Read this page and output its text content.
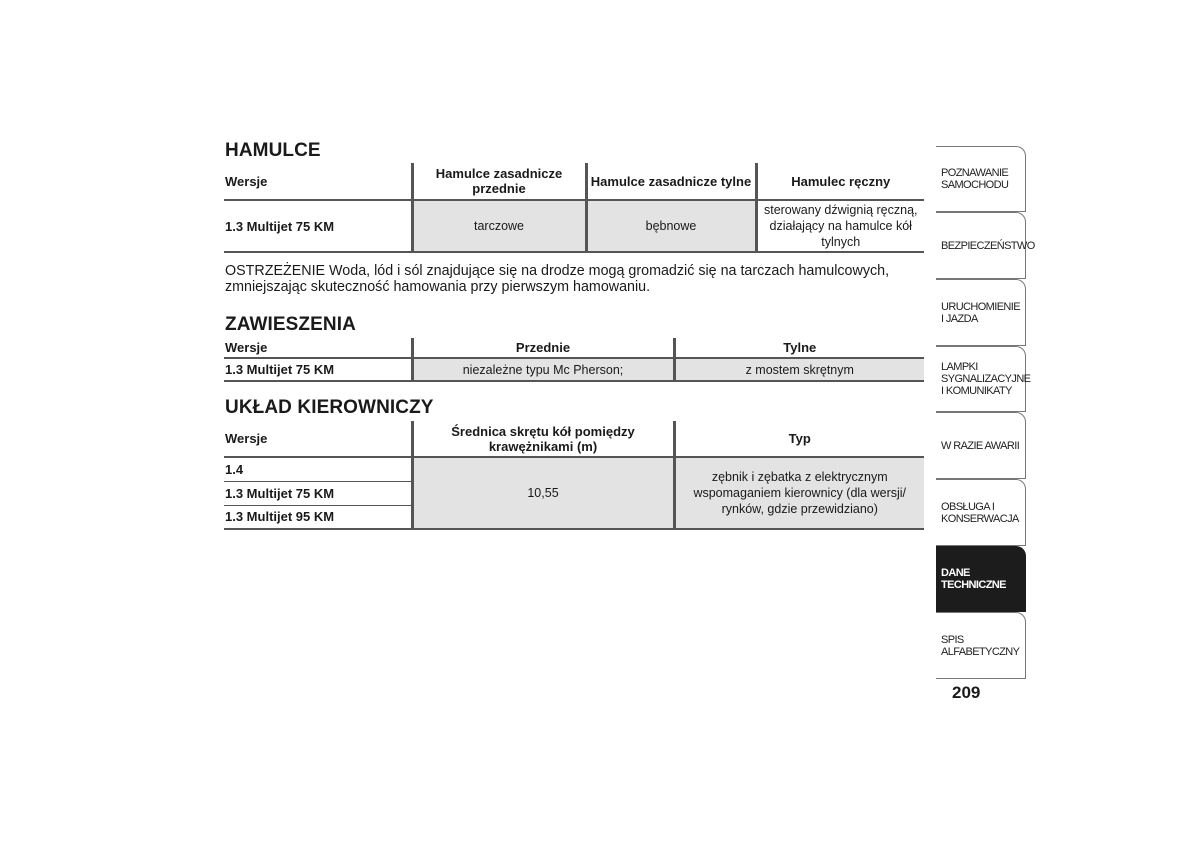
HAMULCE
Wersje	Hamulce zasadnicze przednie	Hamulce zasadnicze tylne	Hamulec ręczny
1.3 Multijet 75 KM	tarczowe	bębnowe	sterowany dźwignią ręczną, działający na hamulce kół tylnych
OSTRZEŻENIE Woda, lód i sól znajdujące się na drodze mogą gromadzić się na tarczach hamulcowych, zmniejszając skuteczność hamowania przy pierwszym hamowaniu.
ZAWIESZENIA
Wersje	Przednie	Tylne
1.3 Multijet 75 KM	niezależne typu Mc Pherson;	z mostem skrętnym
UKŁAD KIEROWNICZY
Wersje	Średnica skrętu kół pomiędzy krawężnikami (m)	Typ
1.4	10,55	zębnik i zębatka z elektrycznym wspomaganiem kierownicy (dla wersji/ rynków, gdzie przewidziano)
1.3 Multijet 75 KM		
1.3 Multijet 95 KM		
POZNAWANIE SAMOCHODU
BEZPIECZEŃSTWO
URUCHOMIENIE I JAZDA
LAMPKI SYGNALIZACYJNE I KOMUNIKATY
W RAZIE AWARII
OBSŁUGA I KONSERWACJA
DANE TECHNICZNE
SPIS ALFABETYCZNY
209
